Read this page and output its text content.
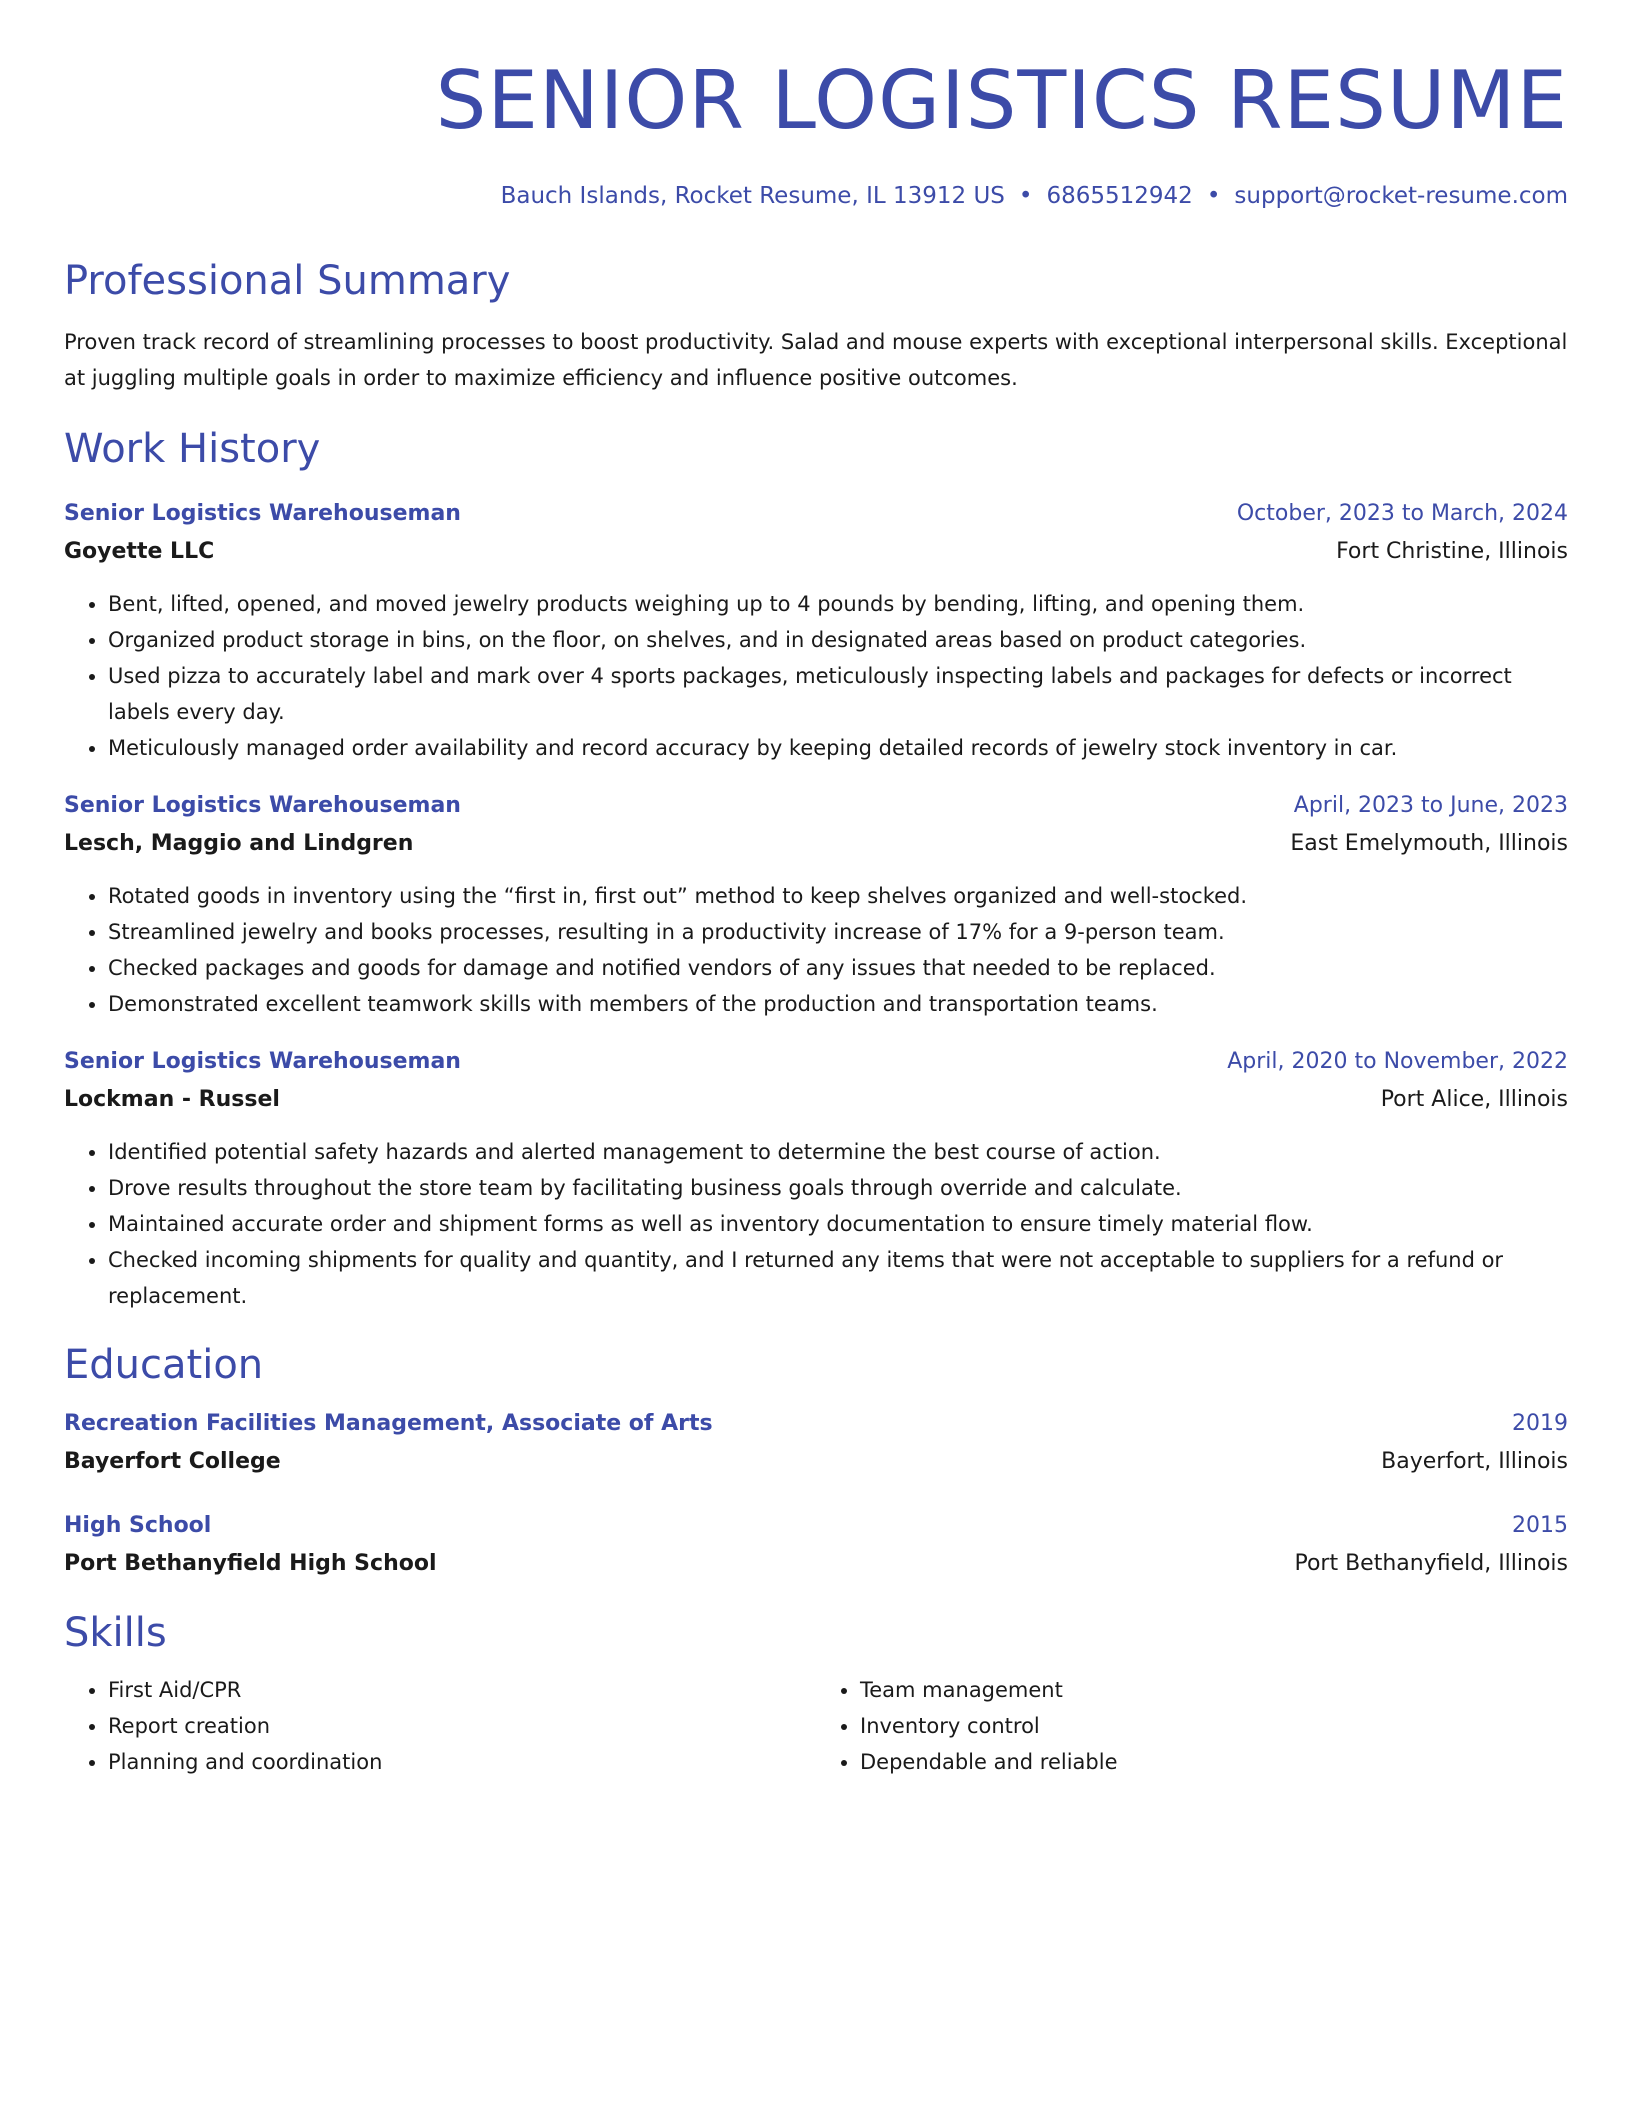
SENIOR LOGISTICS RESUME
Bauch Islands, Rocket Resume, IL 13912 US • 6865512942 • support@rocket-resume.com
Professional Summary

Proven track record of streamlining processes to boost productivity. Salad and mouse experts with exceptional interpersonal skills. Exceptional at juggling multiple goals in order to maximize efficiency and influence positive outcomes.

Work History
Senior Logistics Warehouseman	October, 2023 to March, 2024
Goyette LLC	Fort Christine, Illinois
• Bent, lifted, opened, and moved jewelry products weighing up to 4 pounds by bending, lifting, and opening them.
• Organized product storage in bins, on the floor, on shelves, and in designated areas based on product categories.
• Used pizza to accurately label and mark over 4 sports packages, meticulously inspecting labels and packages for defects or incorrect labels every day.
• Meticulously managed order availability and record accuracy by keeping detailed records of jewelry stock inventory in car.
Senior Logistics Warehouseman	April, 2023 to June, 2023
Lesch, Maggio and Lindgren	East Emelymouth, Illinois
• Rotated goods in inventory using the “first in, first out” method to keep shelves organized and well-stocked.
• Streamlined jewelry and books processes, resulting in a productivity increase of 17% for a 9-person team.
• Checked packages and goods for damage and notified vendors of any issues that needed to be replaced.
• Demonstrated excellent teamwork skills with members of the production and transportation teams.
Senior Logistics Warehouseman	April, 2020 to November, 2022
Lockman - Russel	Port Alice, Illinois
• Identified potential safety hazards and alerted management to determine the best course of action.
• Drove results throughout the store team by facilitating business goals through override and calculate.
• Maintained accurate order and shipment forms as well as inventory documentation to ensure timely material flow.
• Checked incoming shipments for quality and quantity, and I returned any items that were not acceptable to suppliers for a refund or replacement.
Education
Recreation Facilities Management, Associate of Arts	2019
Bayerfort College	Bayerfort, Illinois
High School	2015
Port Bethanyfield High School	Port Bethanyfield, Illinois
Skills
• First Aid/CPR
• Report creation
• Planning and coordination
• Team management
• Inventory control
• Dependable and reliable
